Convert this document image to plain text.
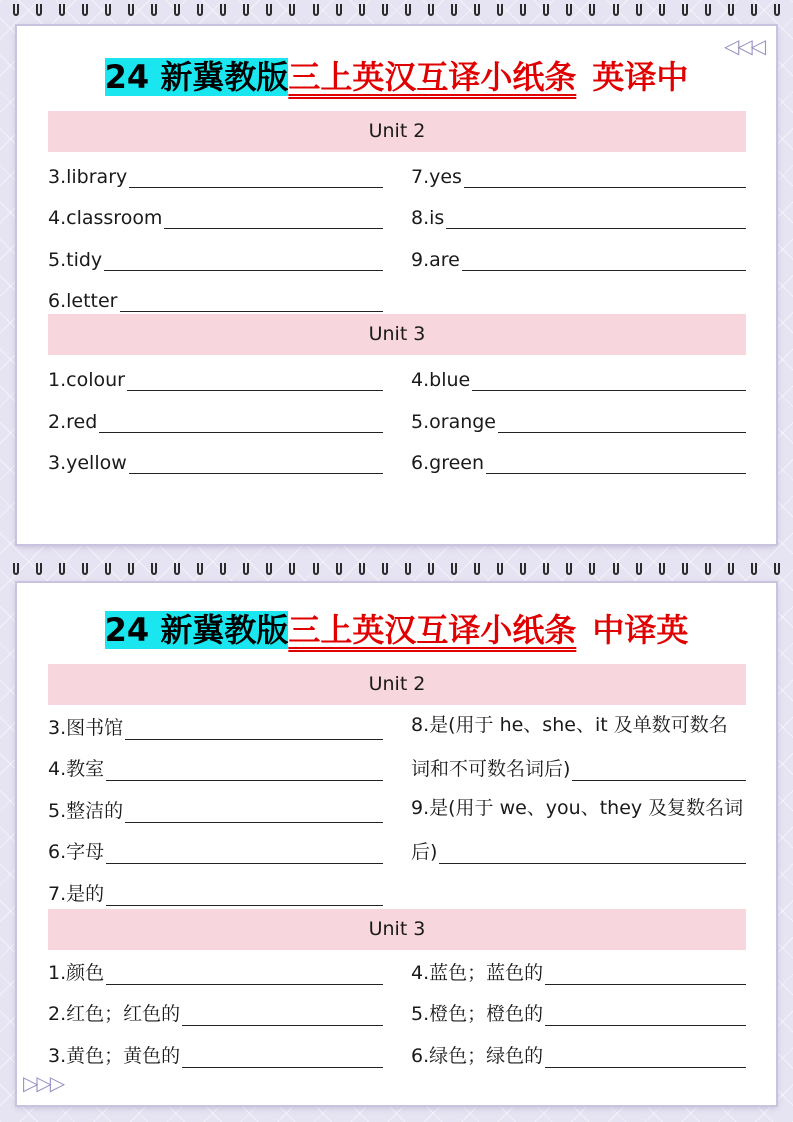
◁◁◁
24 新冀教版三上英汉互译小纸条 英译中
Unit 2
3.library
4.classroom
5.tidy
6.letter
7.yes
8.is
9.are
Unit 3
1.colour
2.red
3.yellow
4.blue
5.orange
6.green
24 新冀教版三上英汉互译小纸条 中译英
Unit 2
3.图书馆
4.教室
5.整洁的
6.字母
7.是的
8.是(用于 he、she、it 及单数可数名
词和不可数名词后)
9.是(用于 we、you、they 及复数名词
后)
Unit 3
1.颜色
2.红色；红色的
3.黄色；黄色的
4.蓝色；蓝色的
5.橙色；橙色的
6.绿色；绿色的
▷▷▷
